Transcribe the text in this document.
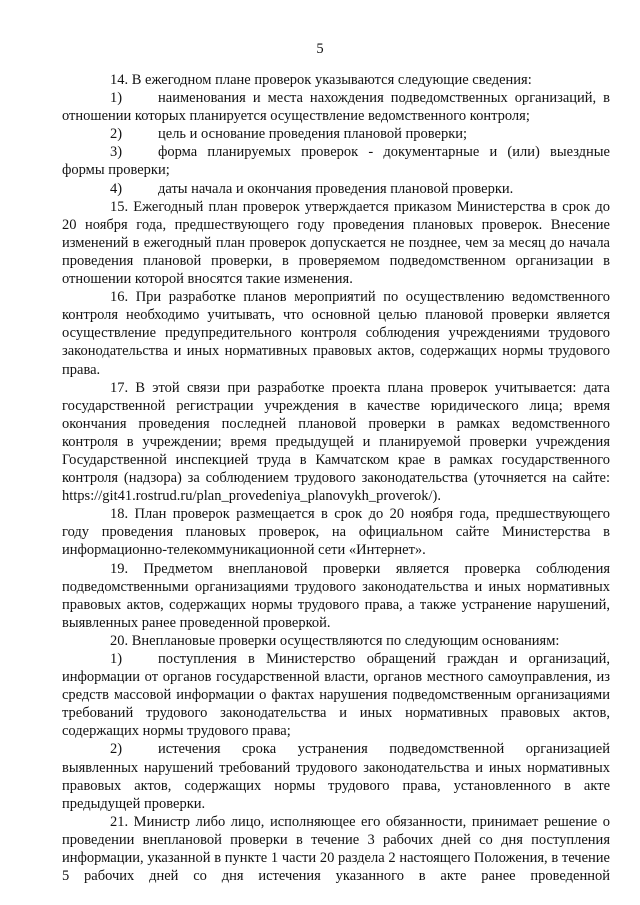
5

14. В ежегодном плане проверок указываются следующие сведения:

1) наименования и места нахождения подведомственных организаций, в отношении которых планируется осуществление ведомственного контроля;

2) цель и основание проведения плановой проверки;

3) форма планируемых проверок - документарные и (или) выездные формы проверки;

4) даты начала и окончания проведения плановой проверки.

15. Ежегодный план проверок утверждается приказом Министерства в срок до 20 ноября года, предшествующего году проведения плановых проверок. Внесение изменений в ежегодный план проверок допускается не позднее, чем за месяц до начала проведения плановой проверки, в проверяемом подведомственном организации в отношении которой вносятся такие изменения.

16. При разработке планов мероприятий по осуществлению ведомственного контроля необходимо учитывать, что основной целью плановой проверки является осуществление предупредительного контроля соблюдения учреждениями трудового законодательства и иных нормативных правовых актов, содержащих нормы трудового права.

17. В этой связи при разработке проекта плана проверок учитывается: дата государственной регистрации учреждения в качестве юридического лица; время окончания проведения последней плановой проверки в рамках ведомственного контроля в учреждении; время предыдущей и планируемой проверки учреждения Государственной инспекцией труда в Камчатском крае в рамках государственного контроля (надзора) за соблюдением трудового законодательства (уточняется на сайте: https://git41.rostrud.ru/plan_provedeniya_planovykh_proverok/).

18. План проверок размещается в срок до 20 ноября года, предшествующего году проведения плановых проверок, на официальном сайте Министерства в информационно-телекоммуникационной сети «Интернет».

19. Предметом внеплановой проверки является проверка соблюдения подведомственными организациями трудового законодательства и иных нормативных правовых актов, содержащих нормы трудового права, а также устранение нарушений, выявленных ранее проведенной проверкой.

20. Внеплановые проверки осуществляются по следующим основаниям:

1) поступления в Министерство обращений граждан и организаций, информации от органов государственной власти, органов местного самоуправления, из средств массовой информации о фактах нарушения подведомственным организациями требований трудового законодательства и иных нормативных правовых актов, содержащих нормы трудового права;

2) истечения срока устранения подведомственной организацией выявленных нарушений требований трудового законодательства и иных нормативных правовых актов, содержащих нормы трудового права, установленного в акте предыдущей проверки.

21. Министр либо лицо, исполняющее его обязанности, принимает решение о проведении внеплановой проверки в течение 3 рабочих дней со дня поступления информации, указанной в пункте 1 части 20 раздела 2 настоящего Положения, в течение 5 рабочих дней со дня истечения указанного в акте ранее проведенной
